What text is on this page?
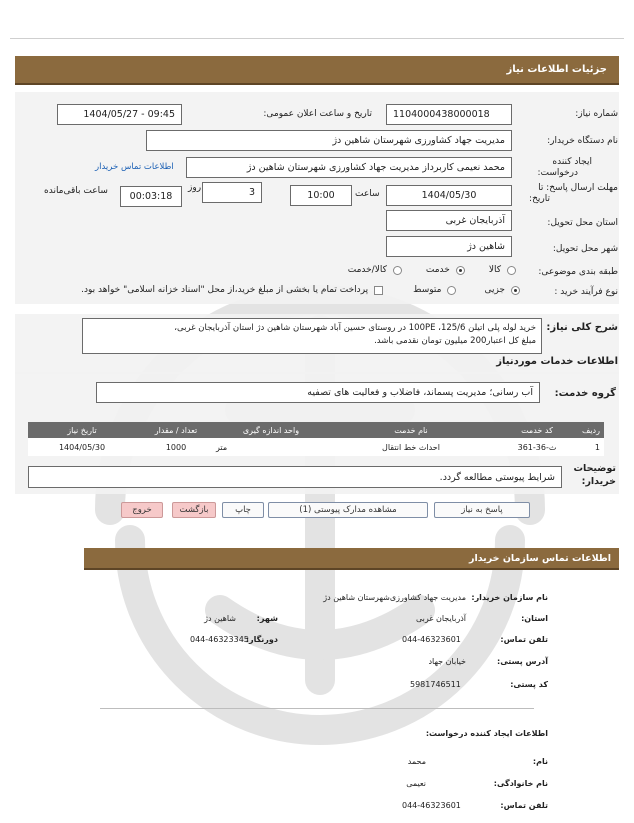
جزئیات اطلاعات نیاز
شماره نیاز:
1104000438000018
تاریخ و ساعت اعلان عمومی:
1404/05/27 - 09:45
نام دستگاه خریدار:
مدیریت جهاد کشاورزی شهرستان شاهین دژ
ایجاد کننده
درخواست:
محمد نعیمی کاربرداز مدیریت جهاد کشاورزی شهرستان شاهین دژ
اطلاعات تماس خریدار
مهلت ارسال پاسخ: تا
تاریخ:
1404/05/30
ساعت
10:00
3
روز
00:03:18
ساعت باقی‌مانده
استان محل تحویل:
آذربایجان غربی
شهر محل تحویل:
شاهین دژ
طبقه بندی موضوعی:
کالا
خدمت
کالا/خدمت
نوع فرآیند خرید :
جزیی
متوسط
پرداخت تمام یا بخشی از مبلغ خرید،از محل "اسناد خزانه اسلامی" خواهد بود.
شرح کلی نیاز:
خرید لوله پلی اتیلن 125/6، 100PE در روستای حسین آباد شهرستان شاهین دژ استان آذربایجان غربی،
مبلغ کل اعتبار200 میلیون تومان نقدمی باشد.
اطلاعات خدمات موردنیاز
گروه خدمت:
آب رسانی؛ مدیریت پسماند، فاضلاب و فعالیت های تصفیه
ردیف	کد خدمت	نام خدمت	واحد اندازه گیری	تعداد / مقدار	تاریخ نیاز
1	ث-36-361	احداث خط انتقال	متر	1000	1404/05/30
توضیحات
خریدار:
شرایط پیوستی مطالعه گردد.
پاسخ به نیاز
مشاهده مدارک پیوستی (1)
چاپ
بازگشت
خروج
اطلاعات تماس سازمان خریدار
نام سازمان خریدار:
مدیریت جهاد کشاورزی‌شهرستان شاهین دژ
استان:
آذربایجان غربی
شهر:
شاهین دژ
تلفن تماس:
044-46323601
دورنگار:
044-46323345
آدرس پستی:
خیابان جهاد
کد پستی:
5981746511
اطلاعات ایجاد کننده درخواست:
نام:
محمد
نام خانوادگی:
نعیمی
تلفن تماس:
044-46323601
